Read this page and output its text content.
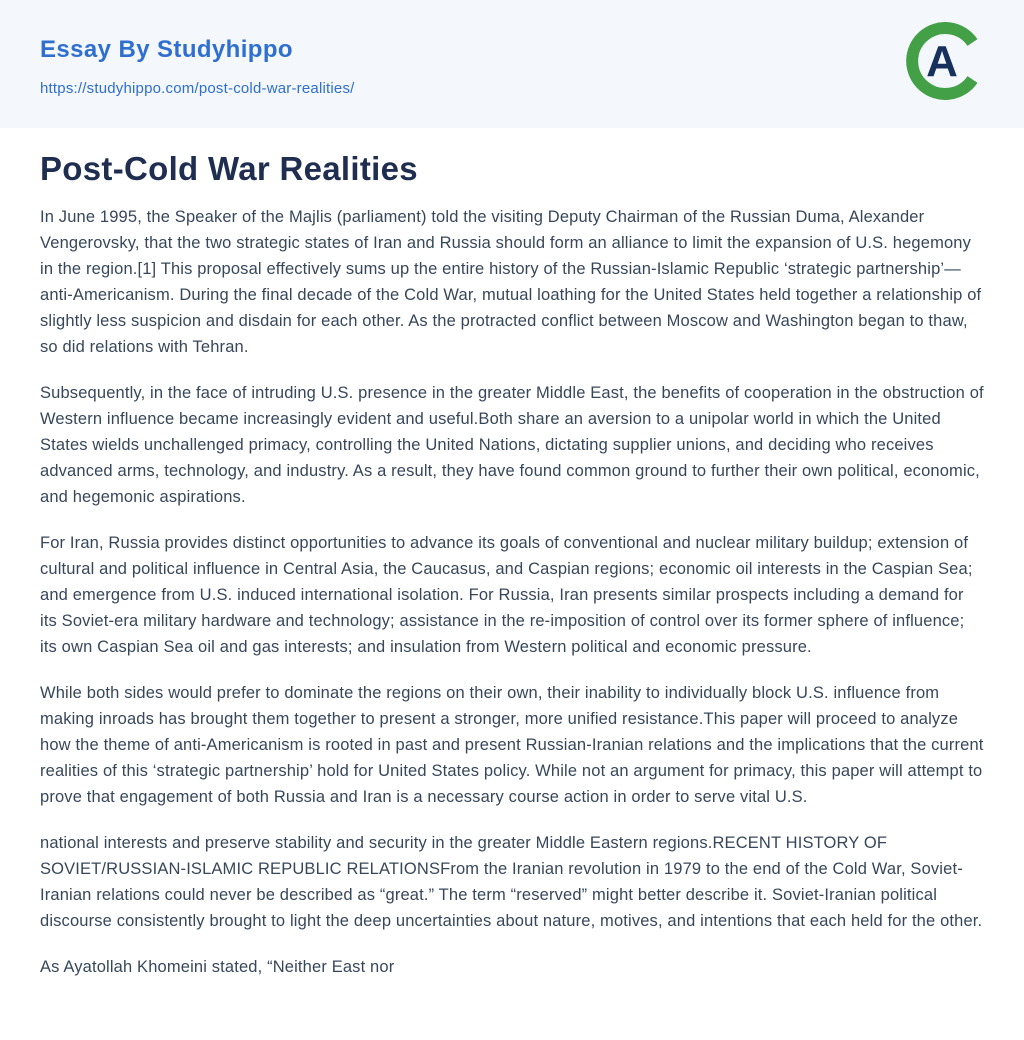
Essay By Studyhippo
https://studyhippo.com/post-cold-war-realities/
A
Post-Cold War Realities

In June 1995, the Speaker of the Majlis (parliament) told the visiting Deputy Chairman of the Russian Duma, Alexander Vengerovsky, that the two strategic states of Iran and Russia should form an alliance to limit the expansion of U.S. hegemony in the region.[1] This proposal effectively sums up the entire history of the Russian-Islamic Republic ‘strategic partnership’—anti-Americanism. During the final decade of the Cold War, mutual loathing for the United States held together a relationship of slightly less suspicion and disdain for each other. As the protracted conflict between Moscow and Washington began to thaw, so did relations with Tehran.

Subsequently, in the face of intruding U.S. presence in the greater Middle East, the benefits of cooperation in the obstruction of Western influence became increasingly evident and useful.Both share an aversion to a unipolar world in which the United States wields unchallenged primacy, controlling the United Nations, dictating supplier unions, and deciding who receives advanced arms, technology, and industry. As a result, they have found common ground to further their own political, economic, and hegemonic aspirations.

For Iran, Russia provides distinct opportunities to advance its goals of conventional and nuclear military buildup; extension of cultural and political influence in Central Asia, the Caucasus, and Caspian regions; economic oil interests in the Caspian Sea; and emergence from U.S. induced international isolation. For Russia, Iran presents similar prospects including a demand for its Soviet-era military hardware and technology; assistance in the re-imposition of control over its former sphere of influence; its own Caspian Sea oil and gas interests; and insulation from Western political and economic pressure.

While both sides would prefer to dominate the regions on their own, their inability to individually block U.S. influence from making inroads has brought them together to present a stronger, more unified resistance.This paper will proceed to analyze how the theme of anti-Americanism is rooted in past and present Russian-Iranian relations and the implications that the current realities of this ‘strategic partnership’ hold for United States policy. While not an argument for primacy, this paper will attempt to prove that engagement of both Russia and Iran is a necessary course action in order to serve vital U.S.

national interests and preserve stability and security in the greater Middle Eastern regions.RECENT HISTORY OF SOVIET/RUSSIAN-ISLAMIC REPUBLIC RELATIONSFrom the Iranian revolution in 1979 to the end of the Cold War, Soviet-Iranian relations could never be described as “great.” The term “reserved” might better describe it. Soviet-Iranian political discourse consistently brought to light the deep uncertainties about nature, motives, and intentions that each held for the other.

As Ayatollah Khomeini stated, “Neither East nor
